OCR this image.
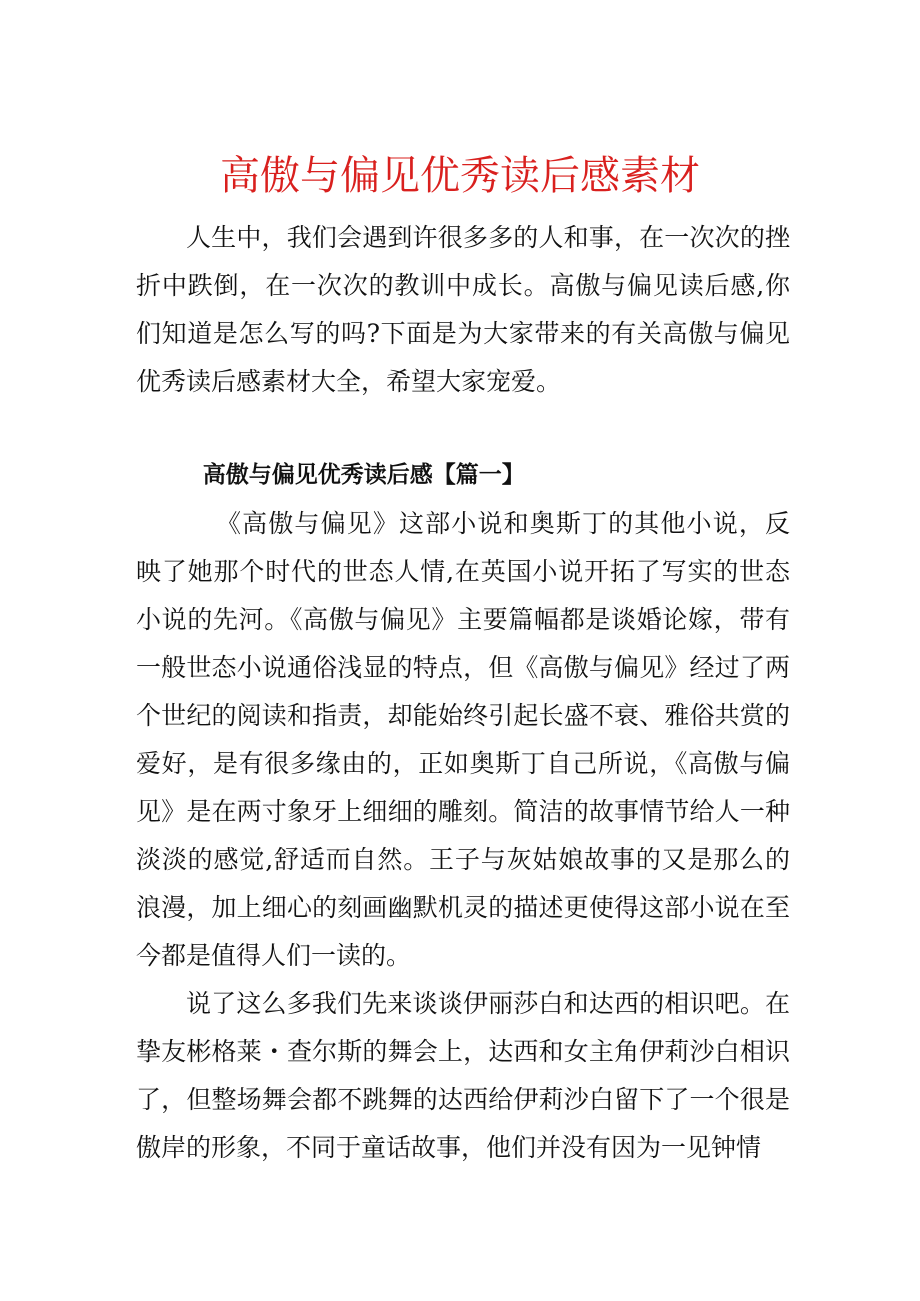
高傲与偏见优秀读后感素材

人生中，我们会遇到许很多多的人和事，在一次次的挫折中跌倒，在一次次的教训中成长。高傲与偏见读后感,你们知道是怎么写的吗?下面是为大家带来的有关高傲与偏见优秀读后感素材大全，希望大家宠爱。

高傲与偏见优秀读后感【篇一】

《高傲与偏见》这部小说和奥斯丁的其他小说，反映了她那个时代的世态人情,在英国小说开拓了写实的世态小说的先河。《高傲与偏见》主要篇幅都是谈婚论嫁，带有一般世态小说通俗浅显的特点，但《高傲与偏见》经过了两个世纪的阅读和指责，却能始终引起长盛不衰、雅俗共赏的爱好，是有很多缘由的，正如奥斯丁自己所说，《高傲与偏见》是在两寸象牙上细细的雕刻。简洁的故事情节给人一种淡淡的感觉,舒适而自然。王子与灰姑娘故事的又是那么的浪漫，加上细心的刻画幽默机灵的描述更使得这部小说在至今都是值得人们一读的。

说了这么多我们先来谈谈伊丽莎白和达西的相识吧。在挚友彬格莱・查尔斯的舞会上，达西和女主角伊莉沙白相识了，但整场舞会都不跳舞的达西给伊莉沙白留下了一个很是傲岸的形象，不同于童话故事，他们并没有因为一见钟情
